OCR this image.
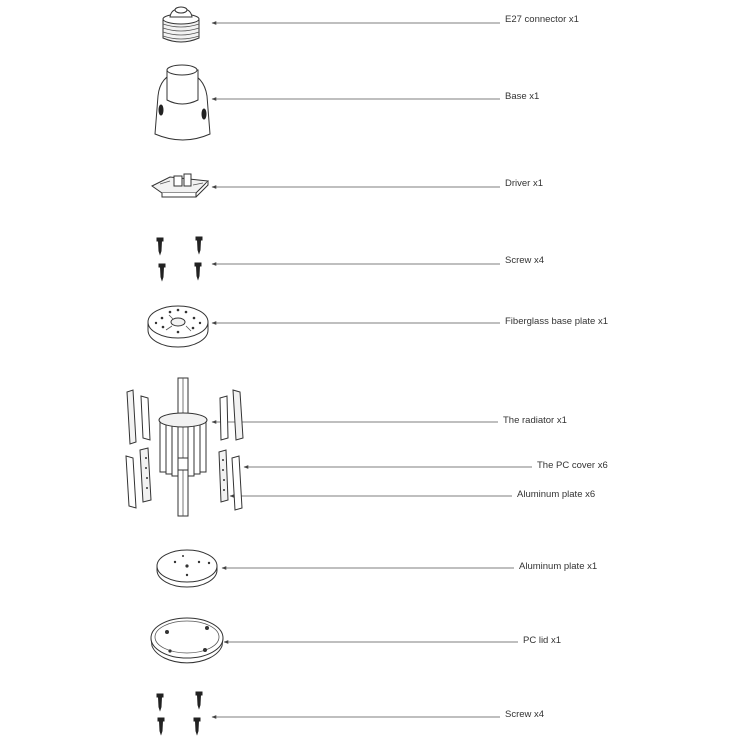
E27 connector x1
Base x1
Driver x1
Screw x4
Fiberglass base plate x1
The radiator x1
The PC cover x6
Aluminum plate x6
Aluminum plate x1
PC lid x1
Screw x4
